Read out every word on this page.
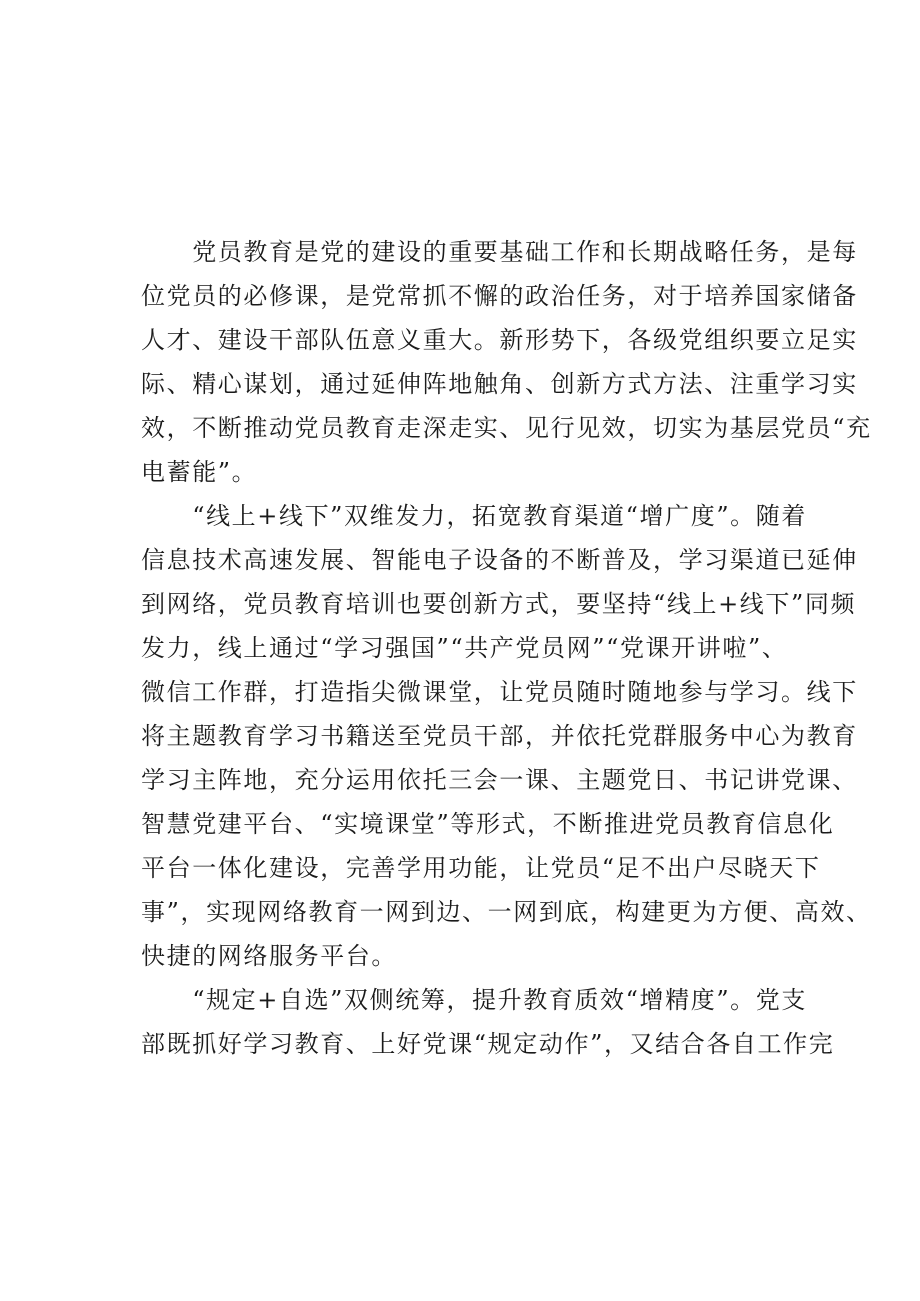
　　党员教育是党的建设的重要基础工作和长期战略任务，是每
位党员的必修课，是党常抓不懈的政治任务，对于培养国家储备
人才、建设干部队伍意义重大。新形势下，各级党组织要立足实
际、精心谋划，通过延伸阵地触角、创新方式方法、注重学习实
效，不断推动党员教育走深走实、见行见效，切实为基层党员“充
电蓄能”。
　　“线上+线下”双维发力，拓宽教育渠道“增广度”。随着
信息技术高速发展、智能电子设备的不断普及，学习渠道已延伸
到网络，党员教育培训也要创新方式，要坚持“线上+线下”同频
发力，线上通过“学习强国”“共产党员网”“党课开讲啦”、
微信工作群，打造指尖微课堂，让党员随时随地参与学习。线下
将主题教育学习书籍送至党员干部，并依托党群服务中心为教育
学习主阵地，充分运用依托三会一课、主题党日、书记讲党课、
智慧党建平台、“实境课堂”等形式，不断推进党员教育信息化
平台一体化建设，完善学用功能，让党员“足不出户尽晓天下
事”，实现网络教育一网到边、一网到底，构建更为方便、高效、
快捷的网络服务平台。
　　“规定+自选”双侧统筹，提升教育质效“增精度”。党支
部既抓好学习教育、上好党课“规定动作”，又结合各自工作完
